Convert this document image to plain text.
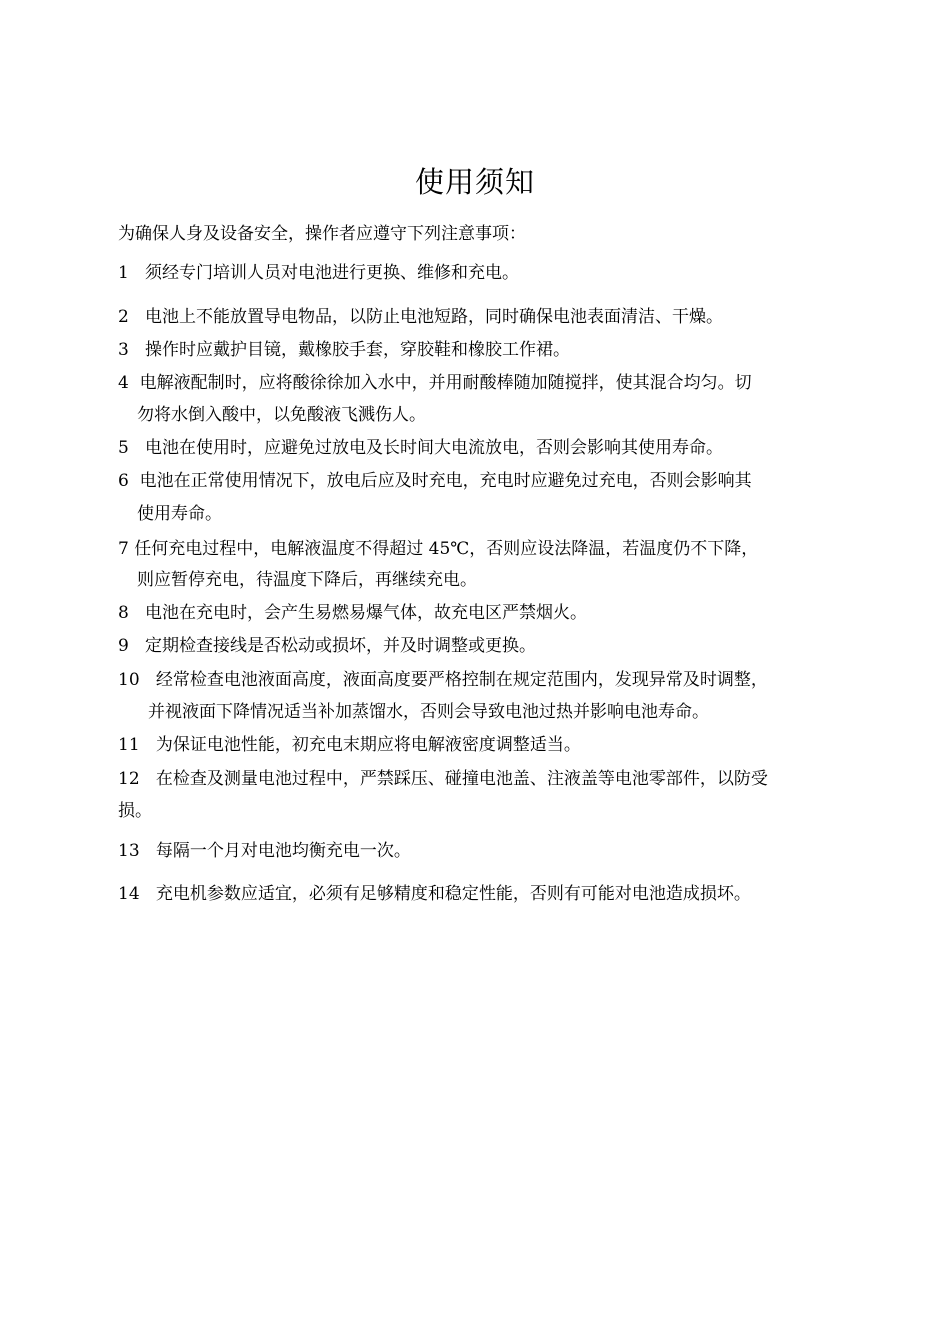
使用须知
为确保人身及设备安全，操作者应遵守下列注意事项：
1 须经专门培训人员对电池进行更换、维修和充电。
2 电池上不能放置导电物品，以防止电池短路，同时确保电池表面清洁、干燥。
3 操作时应戴护目镜，戴橡胶手套，穿胶鞋和橡胶工作裙。
4 电解液配制时，应将酸徐徐加入水中，并用耐酸棒随加随搅拌，使其混合均匀。切
勿将水倒入酸中，以免酸液飞溅伤人。
5 电池在使用时，应避免过放电及长时间大电流放电，否则会影响其使用寿命。
6 电池在正常使用情况下，放电后应及时充电，充电时应避免过充电，否则会影响其
使用寿命。
7 任何充电过程中，电解液温度不得超过 45℃，否则应设法降温，若温度仍不下降，
则应暂停充电，待温度下降后，再继续充电。
8 电池在充电时，会产生易燃易爆气体，故充电区严禁烟火。
9 定期检查接线是否松动或损坏，并及时调整或更换。
10 经常检查电池液面高度，液面高度要严格控制在规定范围内，发现异常及时调整，
并视液面下降情况适当补加蒸馏水，否则会导致电池过热并影响电池寿命。
11 为保证电池性能，初充电末期应将电解液密度调整适当。
12 在检查及测量电池过程中，严禁踩压、碰撞电池盖、注液盖等电池零部件，以防受
损。
13 每隔一个月对电池均衡充电一次。
14 充电机参数应适宜，必须有足够精度和稳定性能，否则有可能对电池造成损坏。
